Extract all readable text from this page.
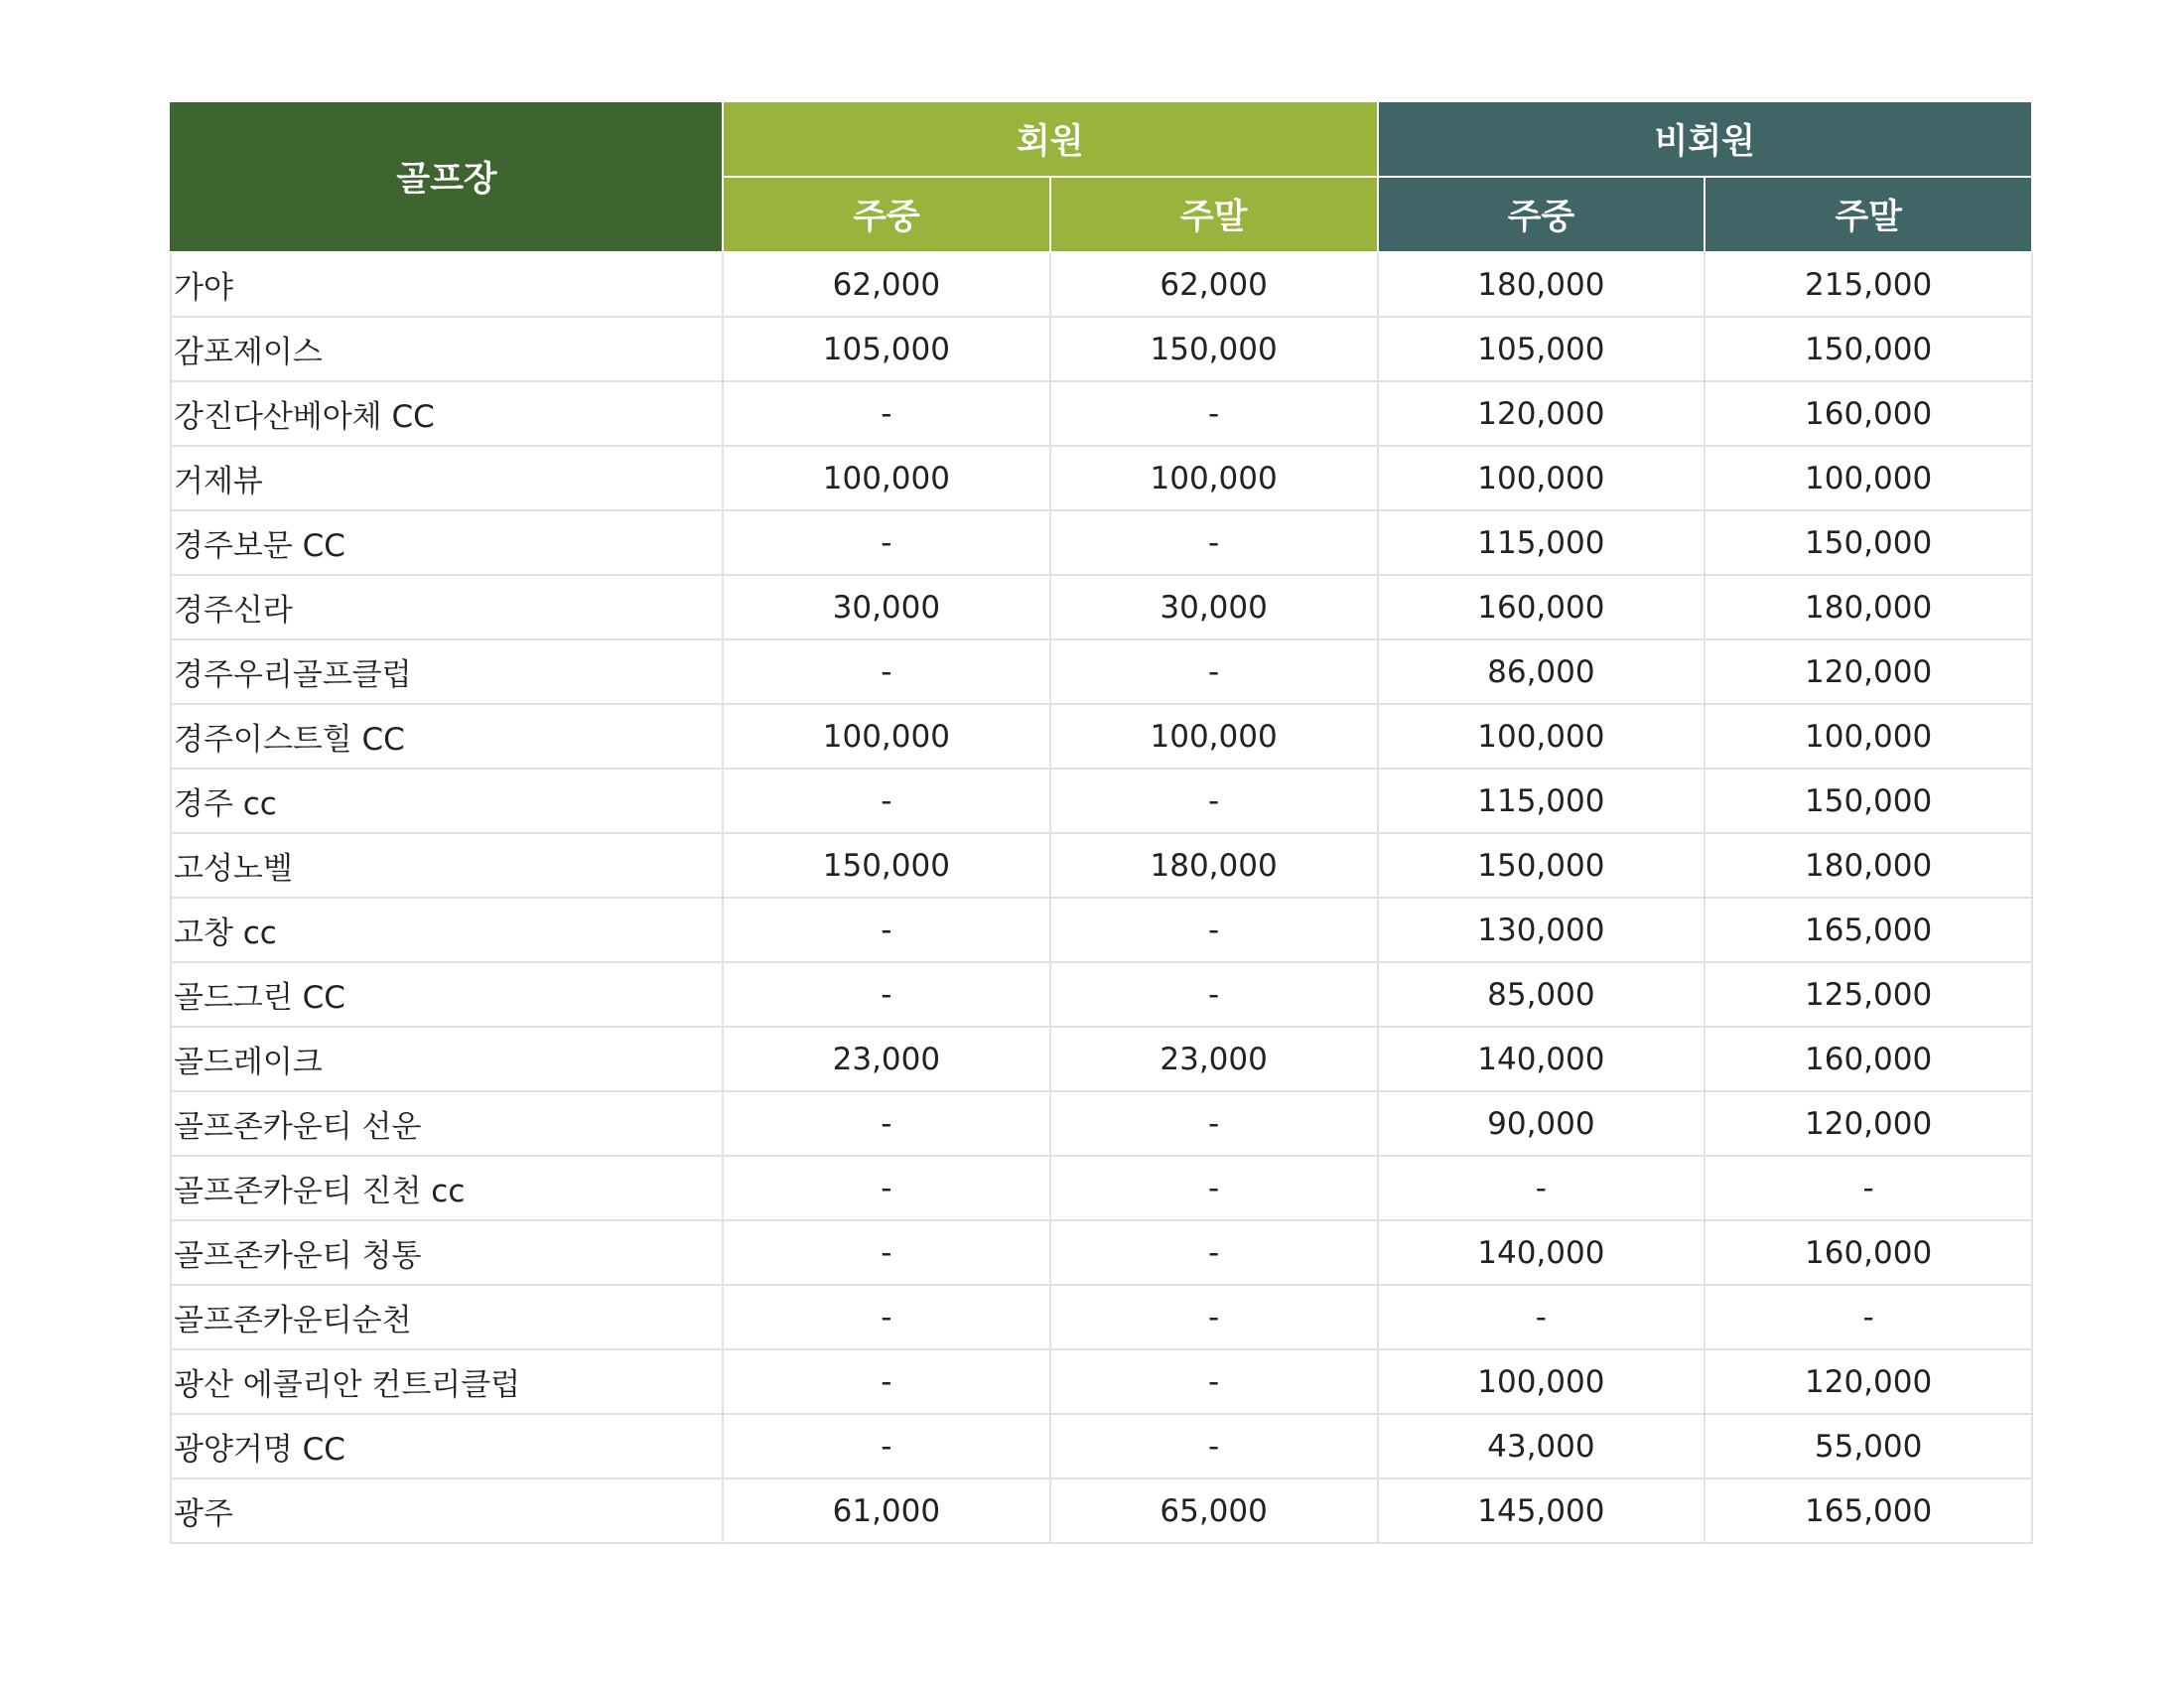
골프장	회원		비회원	
	주중	주말	주중	주말
가야	62,000	62,000	180,000	215,000
감포제이스	105,000	150,000	105,000	150,000
강진다산베아체 CC	-	-	120,000	160,000
거제뷰	100,000	100,000	100,000	100,000
경주보문 CC	-	-	115,000	150,000
경주신라	30,000	30,000	160,000	180,000
경주우리골프클럽	-	-	86,000	120,000
경주이스트힐 CC	100,000	100,000	100,000	100,000
경주 cc	-	-	115,000	150,000
고성노벨	150,000	180,000	150,000	180,000
고창 cc	-	-	130,000	165,000
골드그린 CC	-	-	85,000	125,000
골드레이크	23,000	23,000	140,000	160,000
골프존카운티 선운	-	-	90,000	120,000
골프존카운티 진천 cc	-	-	-	-
골프존카운티 청통	-	-	140,000	160,000
골프존카운티순천	-	-	-	-
광산 에콜리안 컨트리클럽	-	-	100,000	120,000
광양거명 CC	-	-	43,000	55,000
광주	61,000	65,000	145,000	165,000
